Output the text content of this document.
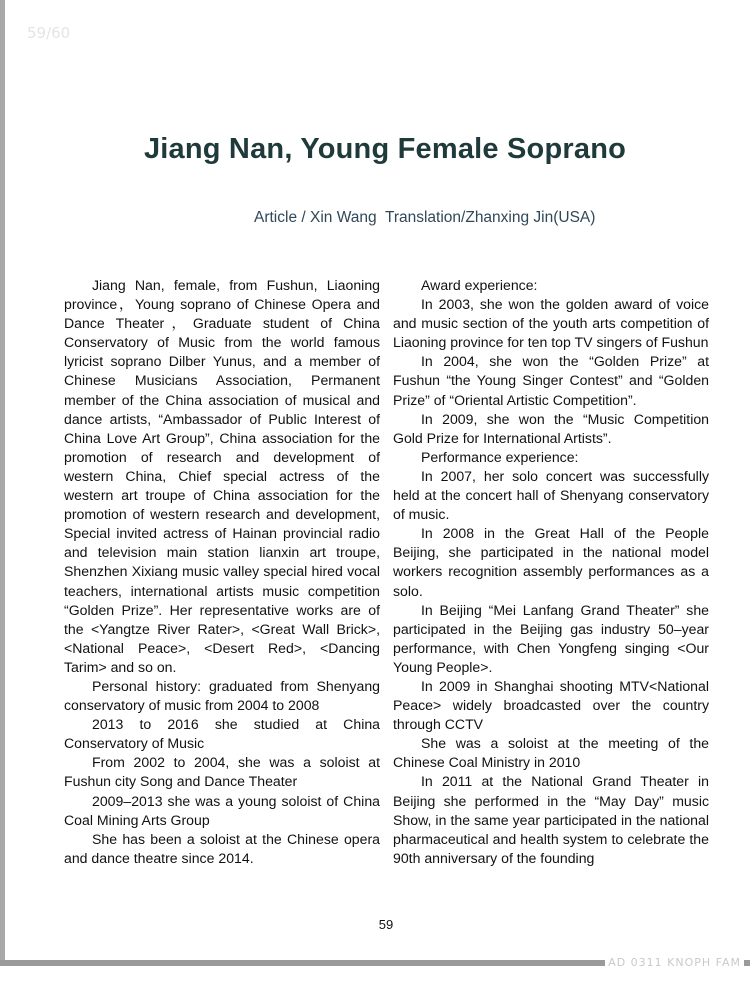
59/60
Jiang Nan, Young Female Soprano
Article / Xin Wang  Translation/Zhanxing Jin(USA)

Jiang Nan, female, from Fushun, Liaoning province，Young soprano of Chinese Opera and Dance Theater，Graduate student of China Conservatory of Music from the world famous lyricist soprano Dilber Yunus, and a member of Chinese Musicians Association, Permanent member of the China association of musical and dance artists, “Ambassador of Public Interest of China Love Art Group”, China association for the promotion of research and development of western China, Chief special actress of the western art troupe of China association for the promotion of western research and development, Special invited actress of Hainan provincial radio and television main station lianxin art troupe, Shenzhen Xixiang music valley special hired vocal teachers, international artists music competition “Golden Prize”. Her representative works are of the <Yangtze River Rater>, <Great Wall Brick>, <National Peace>, <Desert Red>, <Dancing Tarim> and so on.

Personal history: graduated from Shenyang conservatory of music from 2004 to 2008

2013 to 2016 she studied at China Conservatory of Music

From 2002 to 2004, she was a soloist at Fushun city Song and Dance Theater

2009–2013 she was a young soloist of China Coal Mining Arts Group

She has been a soloist at the Chinese opera and dance theatre since 2014.

Award experience:

In 2003, she won the golden award of voice and music section of the youth arts competition of Liaoning province for ten top TV singers of Fushun

In 2004, she won the “Golden Prize” at Fushun “the Young Singer Contest” and “Golden Prize” of “Oriental Artistic Competition”.

In 2009, she won the “Music Competition Gold Prize for International Artists”.

Performance experience:

In 2007, her solo concert was successfully held at the concert hall of Shenyang conservatory of music.

In 2008 in the Great Hall of the People Beijing, she participated in the national model workers recognition assembly performances as a solo.

In Beijing “Mei Lanfang Grand Theater” she participated in the Beijing gas industry 50–year performance, with Chen Yongfeng singing <Our Young People>.

In 2009 in Shanghai shooting MTV<National Peace> widely broadcasted over the country through CCTV

She was a soloist at the meeting of the Chinese Coal Ministry in 2010

In 2011 at the National Grand Theater in Beijing she performed in the “May Day” music Show, in the same year participated in the national pharmaceutical and health system to celebrate the 90th anniversary of the founding

59
AD 0311 KNOPH FAM
